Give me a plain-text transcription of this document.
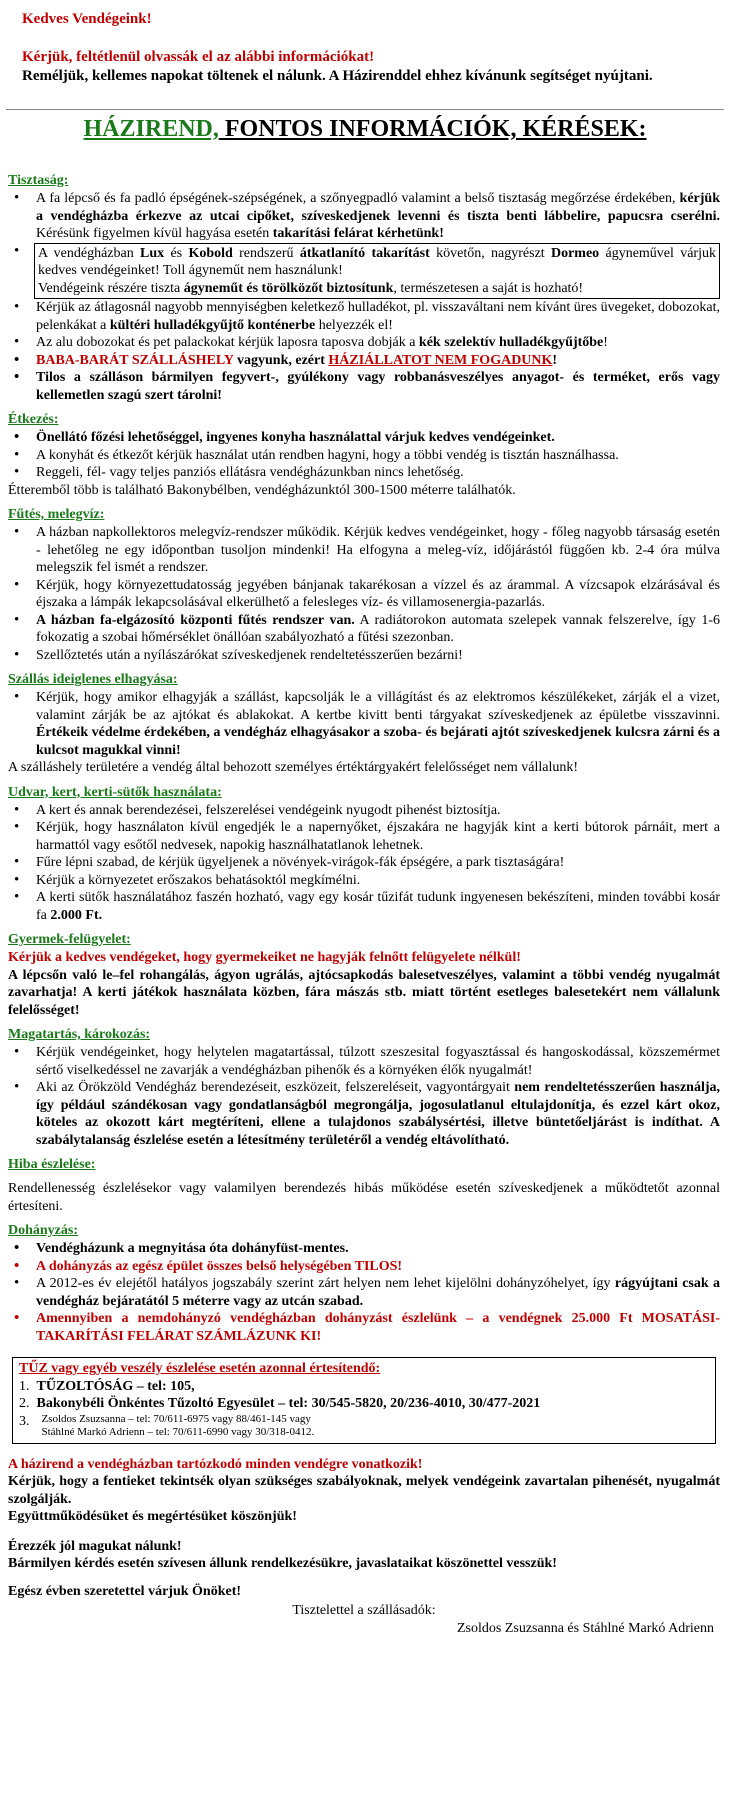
Kedves Vendégeink!

Kérjük, feltétlenül olvassák el az alábbi információkat!

Reméljük, kellemes napokat töltenek el nálunk. A Házirenddel ehhez kívánunk segítséget nyújtani.

HÁZIREND, FONTOS INFORMÁCIÓK, KÉRÉSEK:
Tisztaság:
• A fa lépcső és fa padló épségének-szépségének, a szőnyegpadló valamint a belső tisztaság megőrzése érdekében, kérjük a vendégházba érkezve az utcai cipőket, szíveskedjenek levenni és tiszta benti lábbelire, papucsra cserélni. Kérésünk figyelmen kívül hagyása esetén takarítási felárat kérhetünk!
• A vendégházban Lux és Kobold rendszerű átkatlanító takarítást követőn, nagyrészt Dormeo ágyneművel várjuk kedves vendégeinket! Toll ágyneműt nem használunk!
Vendégeink részére tiszta ágyneműt és törölközőt biztosítunk, természetesen a saját is hozható!
• Kérjük az átlagosnál nagyobb mennyiségben keletkező hulladékot, pl. visszaváltani nem kívánt üres üvegeket, dobozokat, pelenkákat a kültéri hulladékgyűjtő konténerbe helyezzék el!
• Az alu dobozokat és pet palackokat kérjük laposra taposva dobják a kék szelektív hulladékgyűjtőbe!
• BABA-BARÁT SZÁLLÁSHELY vagyunk, ezért HÁZIÁLLATOT NEM FOGADUNK!
• Tilos a szálláson bármilyen fegyvert-, gyúlékony vagy robbanásveszélyes anyagot- és terméket, erős vagy kellemetlen szagú szert tárolni!
Étkezés:
• Önellátó főzési lehetőséggel, ingyenes konyha használattal várjuk kedves vendégeinket.
• A konyhát és étkezőt kérjük használat után rendben hagyni, hogy a többi vendég is tisztán használhassa.
• Reggeli, fél- vagy teljes panziós ellátásra vendégházunkban nincs lehetőség.

Étteremből több is található Bakonybélben, vendégházunktól 300-1500 méterre találhatók.

Fűtés, melegvíz:
• A házban napkollektoros melegvíz-rendszer működik. Kérjük kedves vendégeinket, hogy - főleg nagyobb társaság esetén - lehetőleg ne egy időpontban tusoljon mindenki! Ha elfogyna a meleg-víz, időjárástól függően kb. 2-4 óra múlva melegszik fel ismét a rendszer.
• Kérjük, hogy környezettudatosság jegyében bánjanak takarékosan a vízzel és az árammal. A vízcsapok elzárásával és éjszaka a lámpák lekapcsolásával elkerülhető a felesleges víz- és villamosenergia-pazarlás.
• A házban fa-elgázosító központi fűtés rendszer van. A radiátorokon automata szelepek vannak felszerelve, így 1-6 fokozatig a szobai hőmérséklet önállóan szabályozható a fűtési szezonban.
• Szellőztetés után a nyílászárókat szíveskedjenek rendeltetésszerűen bezárni!
Szállás ideiglenes elhagyása:
• Kérjük, hogy amikor elhagyják a szállást, kapcsolják le a villágítást és az elektromos készülékeket, zárják el a vizet, valamint zárják be az ajtókat és ablakokat. A kertbe kivitt benti tárgyakat szíveskedjenek az épületbe visszavinni. Értékeik védelme érdekében, a vendégház elhagyásakor a szoba- és bejárati ajtót szíveskedjenek kulcsra zárni és a kulcsot magukkal vinni!

A szálláshely területére a vendég által behozott személyes értéktárgyakért felelősséget nem vállalunk!

Udvar, kert, kerti-sütők használata:
• A kert és annak berendezései, felszerelései vendégeink nyugodt pihenést biztosítja.
• Kérjük, hogy használaton kívül engedjék le a napernyőket, éjszakára ne hagyják kint a kerti bútorok párnáit, mert a harmattól vagy esőtől nedvesek, napokig használhatatlanok lehetnek.
• Fűre lépni szabad, de kérjük ügyeljenek a növények-virágok-fák épségére, a park tisztaságára!
• Kérjük a környezetet erőszakos behatásoktól megkímélni.
• A kerti sütők használatához faszén hozható, vagy egy kosár tűzifát tudunk ingyenesen bekészíteni, minden további kosár fa 2.000 Ft.
Gyermek-felügyelet:

Kérjük a kedves vendégeket, hogy gyermekeiket ne hagyják felnőtt felügyelete nélkül!

A lépcsőn való le–fel rohangálás, ágyon ugrálás, ajtócsapkodás balesetveszélyes, valamint a többi vendég nyugalmát zavarhatja! A kerti játékok használata közben, fára mászás stb. miatt történt esetleges balesetekért nem vállalunk felelősséget!

Magatartás, károkozás:
• Kérjük vendégeinket, hogy helytelen magatartással, túlzott szeszesital fogyasztással és hangoskodással, közszemérmet sértő viselkedéssel ne zavarják a vendégházban pihenők és a környéken élők nyugalmát!
• Aki az Örökzöld Vendégház berendezéseit, eszközeit, felszereléseit, vagyontárgyait nem rendeltetésszerűen használja, így például szándékosan vagy gondatlanságból megrongálja, jogosulatlanul eltulajdonítja, és ezzel kárt okoz, köteles az okozott kárt megtéríteni, ellene a tulajdonos szabálysértési, illetve büntetőeljárást is indíthat. A szabálytalanság észlelése esetén a létesítmény területéről a vendég eltávolítható.
Hiba észlelése:

Rendellenesség észlelésekor vagy valamilyen berendezés hibás működése esetén szíveskedjenek a működtetőt azonnal értesíteni.

Dohányzás:
• Vendégházunk a megnyitása óta dohányfüst-mentes.
• A dohányzás az egész épület összes belső helységében TILOS!
• A 2012-es év elejétől hatályos jogszabály szerint zárt helyen nem lehet kijelölni dohányzóhelyet, így rágyújtani csak a vendégház bejáratától 5 méterre vagy az utcán szabad.
• Amennyiben a nemdohányzó vendégházban dohányzást észlelünk – a vendégnek 25.000 Ft MOSATÁSI-TAKARÍTÁSI FELÁRAT SZÁMLÁZUNK KI!
TŰZ vagy egyéb veszély észlelése esetén azonnal értesítendő:
1. TŰZOLTÓSÁG – tel: 105,
2. Bakonybéli Önkéntes Tűzoltó Egyesület – tel: 30/545-5820, 20/236-4010, 30/477-2021
3. Zsoldos Zsuzsanna – tel: 70/611-6975 vagy 88/461-145 vagy
Stáhlné Markó Adrienn – tel: 70/611-6990 vagy 30/318-0412.

A házirend a vendégházban tartózkodó minden vendégre vonatkozik!

Kérjük, hogy a fentieket tekintsék olyan szükséges szabályoknak, melyek vendégeink zavartalan pihenését, nyugalmát szolgálják.

Együttműködésüket és megértésüket köszönjük!

Érezzék jól magukat nálunk!

Bármilyen kérdés esetén szívesen állunk rendelkezésükre, javaslataikat köszönettel vesszük!

Egész évben szeretettel várjuk Önöket!

Tisztelettel a szállásadók:
Zsoldos Zsuzsanna és Stáhlné Markó Adrienn
